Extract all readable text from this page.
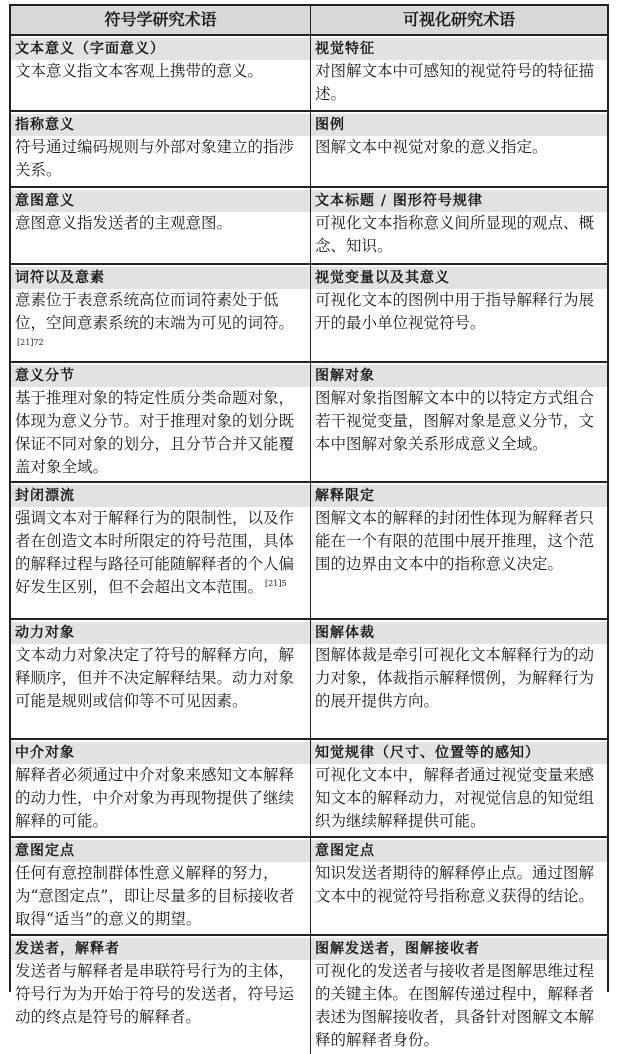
符号学研究术语	可视化研究术语
文本意义（字面意义）
文本意义指文本客观上携带的意义。
视觉特征
对图解文本中可感知的视觉符号的特征描述。
指称意义
符号通过编码规则与外部对象建立的指涉关系。
图例
图解文本中视觉对象的意义指定。
意图意义
意图意义指发送者的主观意图。
文本标题 / 图形符号规律
可视化文本指称意义间所显现的观点、概念、知识。
词符以及意素
意素位于表意系统高位而词符素处于低位，空间意素系统的末端为可见的词符。$^{[21]72}$
视觉变量以及其意义
可视化文本的图例中用于指导解释行为展开的最小单位视觉符号。
意义分节
基于推理对象的特定性质分类命题对象，体现为意义分节。对于推理对象的划分既保证不同对象的划分，且分节合并又能覆盖对象全域。
图解对象
图解对象指图解文本中的以特定方式组合若干视觉变量，图解对象是意义分节，文本中图解对象关系形成意义全域。
封闭漂流
强调文本对于解释行为的限制性，以及作者在创造文本时所限定的符号范围，具体的解释过程与路径可能随解释者的个人偏好发生区别，但不会超出文本范围。 $^{[21]5}$
解释限定
图解文本的解释的封闭性体现为解释者只能在一个有限的范围中展开推理，这个范围的边界由文本中的指称意义决定。
动力对象
文本动力对象决定了符号的解释方向，解释顺序，但并不决定解释结果。动力对象可能是规则或信仰等不可见因素。
图解体裁
图解体裁是牵引可视化文本解释行为的动力对象，体裁指示解释惯例，为解释行为的展开提供方向。
中介对象
解释者必须通过中介对象来感知文本解释的动力性，中介对象为再现物提供了继续解释的可能。
知觉规律（尺寸、位置等的感知）
可视化文本中，解释者通过视觉变量来感知文本的解释动力，对视觉信息的知觉组织为继续解释提供可能。
意图定点
任何有意控制群体性意义解释的努力，为“意图定点”，即让尽量多的目标接收者取得“适当”的意义的期望。
意图定点
知识发送者期待的解释停止点。通过图解文本中的视觉符号指称意义获得的结论。
发送者，解释者
发送者与解释者是串联符号行为的主体，符号行为为开始于符号的发送者，符号运动的终点是符号的解释者。
图解发送者，图解接收者
可视化的发送者与接收者是图解思维过程的关键主体。在图解传递过程中，解释者表述为图解接收者，具备针对图解文本解释的解释者身份。
